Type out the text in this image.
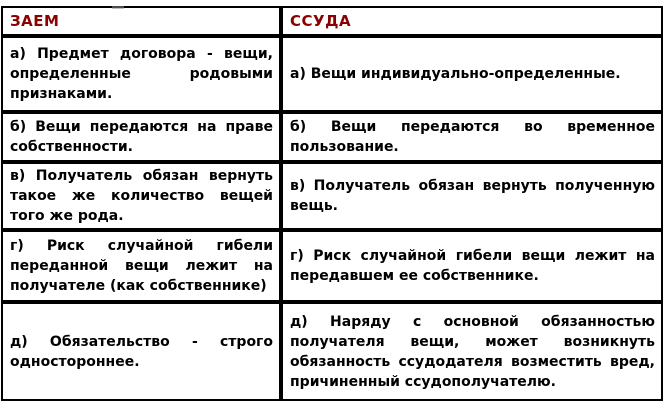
ЗАЕМ	ССУДА
а) Предмет договора - вещи, определенные родовыми признаками.	а) Вещи индивидуально-определенные.
б) Вещи передаются на праве собственности.	б) Вещи передаются во временное пользование.
в) Получатель обязан вернуть такое же количество вещей того же рода.	в) Получатель обязан вернуть полученную вещь.
г) Риск случайной гибели переданной вещи лежит на получателе (как собственнике)	г) Риск случайной гибели вещи лежит на передавшем ее собственнике.
д) Обязательство - строго одностороннее.	д) Наряду с основной обязанностью получателя вещи, может возникнуть обязанность ссудодателя возместить вред, причиненный ссудополучателю.
